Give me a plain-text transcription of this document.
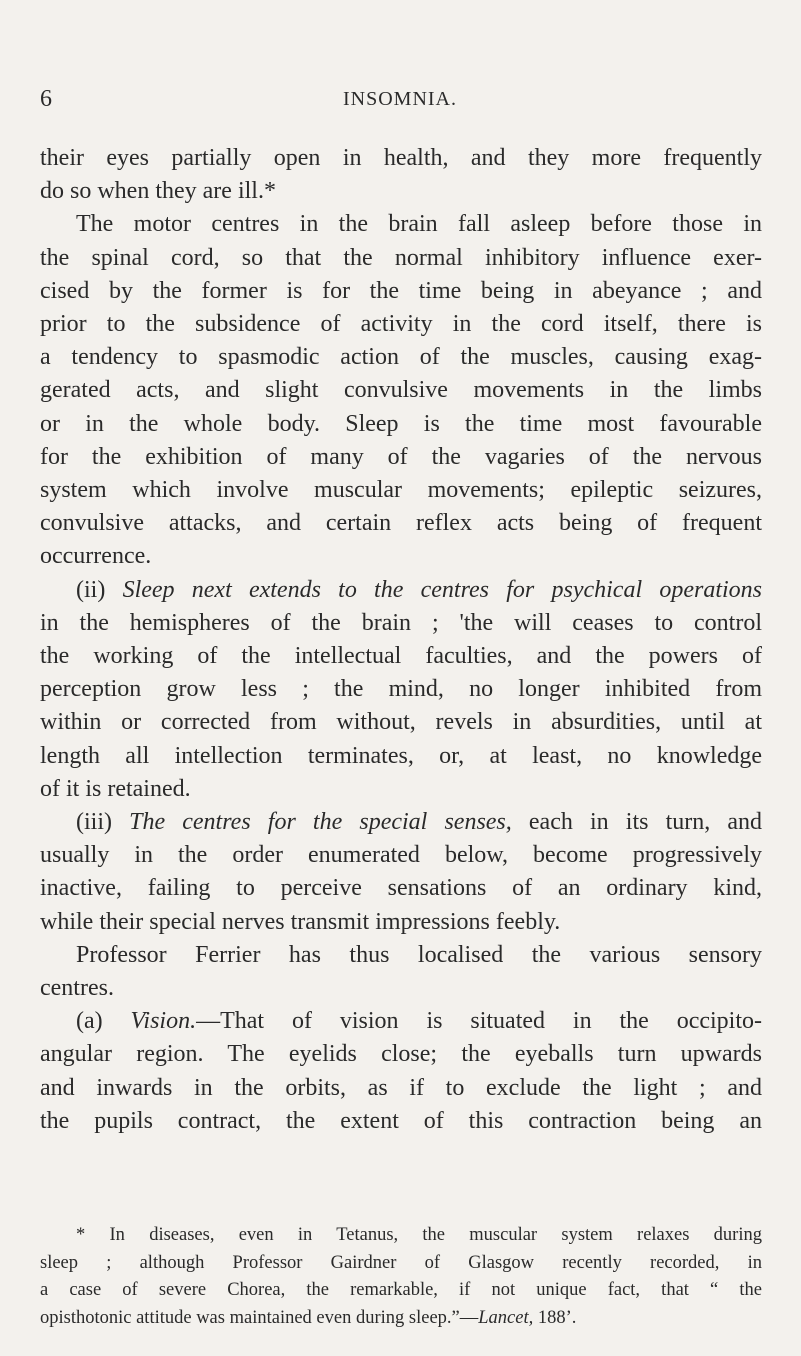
6	INSOMNIA.
their eyes partially open in health, and they more frequently
do so when they are ill.*
The motor centres in the brain fall asleep before those in
the spinal cord, so that the normal inhibitory influence exer-
cised by the former is for the time being in abeyance ; and
prior to the subsidence of activity in the cord itself, there is
a tendency to spasmodic action of the muscles, causing exag-
gerated acts, and slight convulsive movements in the limbs
or in the whole body. Sleep is the time most favourable
for the exhibition of many of the vagaries of the nervous
system which involve muscular movements; epileptic seizures,
convulsive attacks, and certain reflex acts being of frequent
occurrence.
(ii) Sleep next extends to the centres for psychical operations
in the hemispheres of the brain ; 'the will ceases to control
the working of the intellectual faculties, and the powers of
perception grow less ; the mind, no longer inhibited from
within or corrected from without, revels in absurdities, until at
length all intellection terminates, or, at least, no knowledge
of it is retained.
(iii) The centres for the special senses, each in its turn, and
usually in the order enumerated below, become progressively
inactive, failing to perceive sensations of an ordinary kind,
while their special nerves transmit impressions feebly.
Professor Ferrier has thus localised the various sensory
centres.
(a) Vision.—That of vision is situated in the occipito-
angular region. The eyelids close; the eyeballs turn upwards
and inwards in the orbits, as if to exclude the light ; and
the pupils contract, the extent of this contraction being an
* In diseases, even in Tetanus, the muscular system relaxes during
sleep ; although Professor Gairdner of Glasgow recently recorded, in
a case of severe Chorea, the remarkable, if not unique fact, that “ the
opisthotonic attitude was maintained even during sleep.”—Lancet, 188’.
